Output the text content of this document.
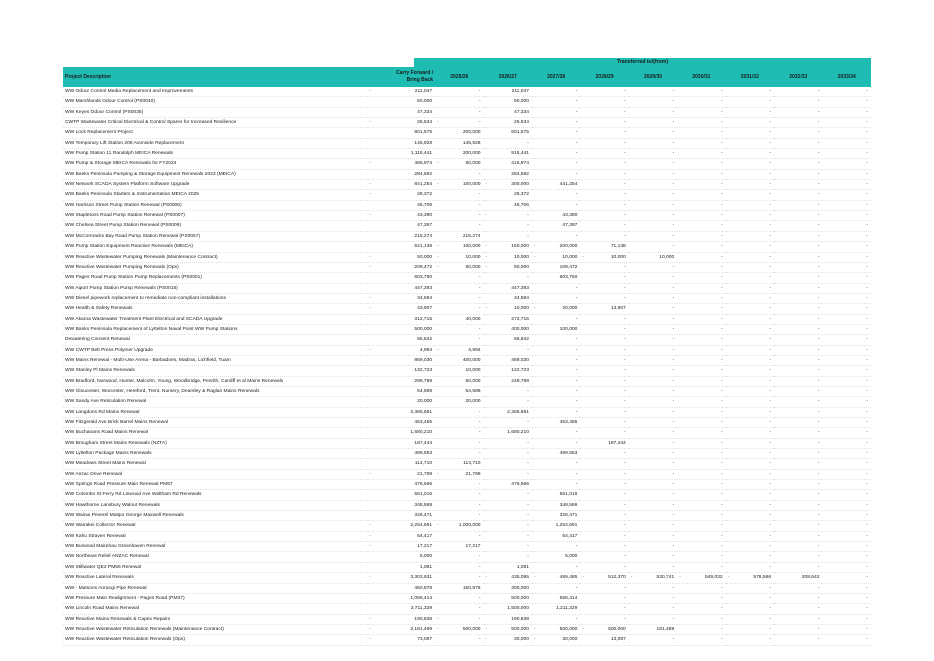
Transferred to/(from)
Project Description	Carry Forward /
Bring Back	2025/26	2026/27	2027/28	2028/29	2029/30	2030/31	2031/32	2032/33	2033/34
WW Odour Control Media Replacement and Improvements	- 211,047	-	211,047	-	-	-	-	-	-	-
WW Marshlands Odour Control (PS0040)	50,000	-	50,000	-	-	-	-	-	-	-
WW Keyes Odour Control (PS0035)	47,334	-	47,334	-	-	-	-	-	-	-
CWTP Wastewater Critical Electrical & Control Spares for Increased Resilience	- 26,534	- -	26,534	-	-	-	-	-	-	-
WW Lock Replacement Project	801,575	200,000	601,575	-	-	-	-	-	-	-
WW Temporary Lift Station 208 Avonside Replacement	145,928	145,928	-	-	-	-	-	-	-	-
WW Pump Station 11 Randolph MEICA Renewals	1,115,441	200,000	915,441	-	-	-	-	-	-	-
WW Pump & Storage MEICA Renewals for FY2024	- 465,974	- 50,000	415,974	-	-	-	-	-	-	-
WW Banks Peninsula Pumping & Storage Equipment Renewals 2023 (MEICA)	284,582	-	284,582	-	-	-	-	-	-	-
WW Network SCADA System Platform Software Upgrade	- 841,254	- 100,000	- 300,000	441,254	-	-	-	-	-	-
WW Banks Peninsula Starters & Instrumentation MEICA 2025	- 28,372	-	28,372	-	-	-	-	-	-	-
WW Harrison Street Pump Station Renewal (PS0006)	46,706	-	46,706	-	-	-	-	-	-	-
WW Stapletons Road Pump Station Renewal (PS0007)	- 43,390	-	- -	43,390	-	-	-	-	-	-
WW Chelsea Street Pump Station Renewal (PS0009)	47,397	-	-	47,397	-	-	-	-	-	-
WW McCormacks Bay Road Pump Station Renewal (PS0057)	215,274	215,274	-	-	-	-	-	-	-	-
WW Pump Station Equipment Reactive Renewals (MEICA)	521,138	- 100,000	- 150,000	- 200,000	71,138	-	-	-	-	-
WW Reactive Wastewater Pumping Renewals (Maintenance Contract)	- 50,000	- 10,000	- 10,000	- 10,000	- 10,000	10,000	-	-	-	-
WW Reactive Wastewater Pumping Renewals (Ops)	- 209,472	- 50,000	- 50,000	109,472	-	-	-	-	-	-
WW Pages Road Pump Station Pump Replacements (PS0001)	603,750	-	-	603,750	-	-	-	-	-	-
WW Aiport Pump Station Pump Renewals (PS0015)	447,393	-	447,393	-	-	-	-	-	-	-
WW Diesel pipework replacement to remediate non-compliant installations	- 34,594	-	34,594	-	-	-	-	-	-	-
WW Health & Safety Renewals	- 43,907	-	- 10,000	- 20,000	13,907	-	-	-	-	-
WW Akaroa Wastewater Treatment Plant Electrical and SCADA Upgrade	312,715	40,000	272,715	-	-	-	-	-	-	-
WW Banks Peninsula Replacement of Lyttelton Naval Point WW Pump Stations	500,000	-	400,000	100,000	-	-	-	-	-	-
Dewatering Consent Renewal	66,842	-	66,842	-	-	-	-	-	-	-
WW CWTP Belt Press Polymer Upgrade	- 4,994	- 4,994	-	-	-	-	-	-	-	-
WW Mains Renewal - Multi-Use Arena - Barbadoes, Madras, Lichfield, Tuam	869,030	400,000	469,030	-	-	-	-	-	-	-
WW Stanley Pl Mains Renewals	132,723	10,000	122,723	-	-	-	-	-	-	-
WW Bradford, Norwood, Hunter, Malcolm, Young, Woodbridge, Penrith, Cardiff et al Mains Renewals	299,789	50,000	249,789	-	-	-	-	-	-	-
WW Gloucester, Worcester, Hereford, Trent, Nursery, Dearsley & Raglan Mains Renewals	54,589	54,589	-	-	-	-	-	-	-	-
WW Sandy Ave Reticulation Renewal	20,000	20,000	-	-	-	-	-	-	-	-
WW Langdons Rd Mains Renewal	2,365,691	-	2,365,691	-	-	-	-	-	-	-
WW Fitzgerald Ave Brick Barrel Mains Renewal	453,455	-	-	453,455	-	-	-	-	-	-
WW Buchanans Road Mains Renewal	1,680,210	-	1,680,210	-	-	-	-	-	-	-
WW Brougham Street Mains Renewals (NZTA)	187,444	-	-	-	187,444	-	-	-	-	-
WW Lyttelton Package Mains Renewals	499,553	-	-	499,553	-	-	-	-	-	-
WW Meadows Street Mains Renewal	114,710	114,710	-	-	-	-	-	-	-	-
WW Anzac Drive Renewal	- 21,799	- 21,799	-	-	-	-	-	-	-	-
WW Springs Road Pressure Main Renewal PM67	476,566	-	476,566	-	-	-	-	-	-	-
WW Colombo St Ferry Rd Linwood Ave Waltham Rd Renewals	561,016	-	-	561,016	-	-	-	-	-	-
WW Hawthorne Lansbury Walnut Renewals	348,569	-	-	348,569	-	-	-	-	-	-
WW Wainui Peverel Matipo George Maxwell Renewals	326,471	-	-	326,471	-	-	-	-	-	-
WW Wairakei Collector Renewal	- 2,254,691	- 1,000,000	-	1,254,691	-	-	-	-	-	-
WW Kahu Straven Renewal	- 54,417	-	-	54,417	-	-	-	-	-	-
WW Burwood Mairehau Greenhaven Renewal	- 17,217	17,217	-	-	-	-	-	-	-	-
WW Northeast Relief ANZAC Renewal	5,000	-	-	5,000	-	-	-	-	-	-
WW Stillwater QE2 PM56 Renewal	1,081	-	1,081	-	-	-	-	-	-	-
WW Reactive Lateral Renewals	- 3,303,931	-	- 435,095	- 489,485	- 512,370	- 530,741	- 549,032	- 578,566	208,642	-
WW - Matsons Aorangi Pipe Renewal	450,878	150,878	300,000	-	-	-	-	-	-	-
WW Pressure Main Realignment - Pages Road (PM37)	1,056,414	-	500,000	556,414	-	-	-	-	-	-
WW Lincoln Road Mains Renewal	2,711,329	-	1,500,000	1,211,329	-	-	-	-	-	-
WW Reactive Mains Renewals & Capex Repairs	- 190,838	- -	190,838	-	-	-	-	-	-	-
WW Reactive Wastewater Reticulation Renewals (Maintenance Contract)	- 2,181,489	- 500,000	- 500,000	- 500,000	- 500,000	181,489	-	-	-	-
WW Reactive Wastewater Reticulation Renewals (Ops)	- 73,087	-	- 30,000	- 30,000	13,087	-	-	-	-	-
